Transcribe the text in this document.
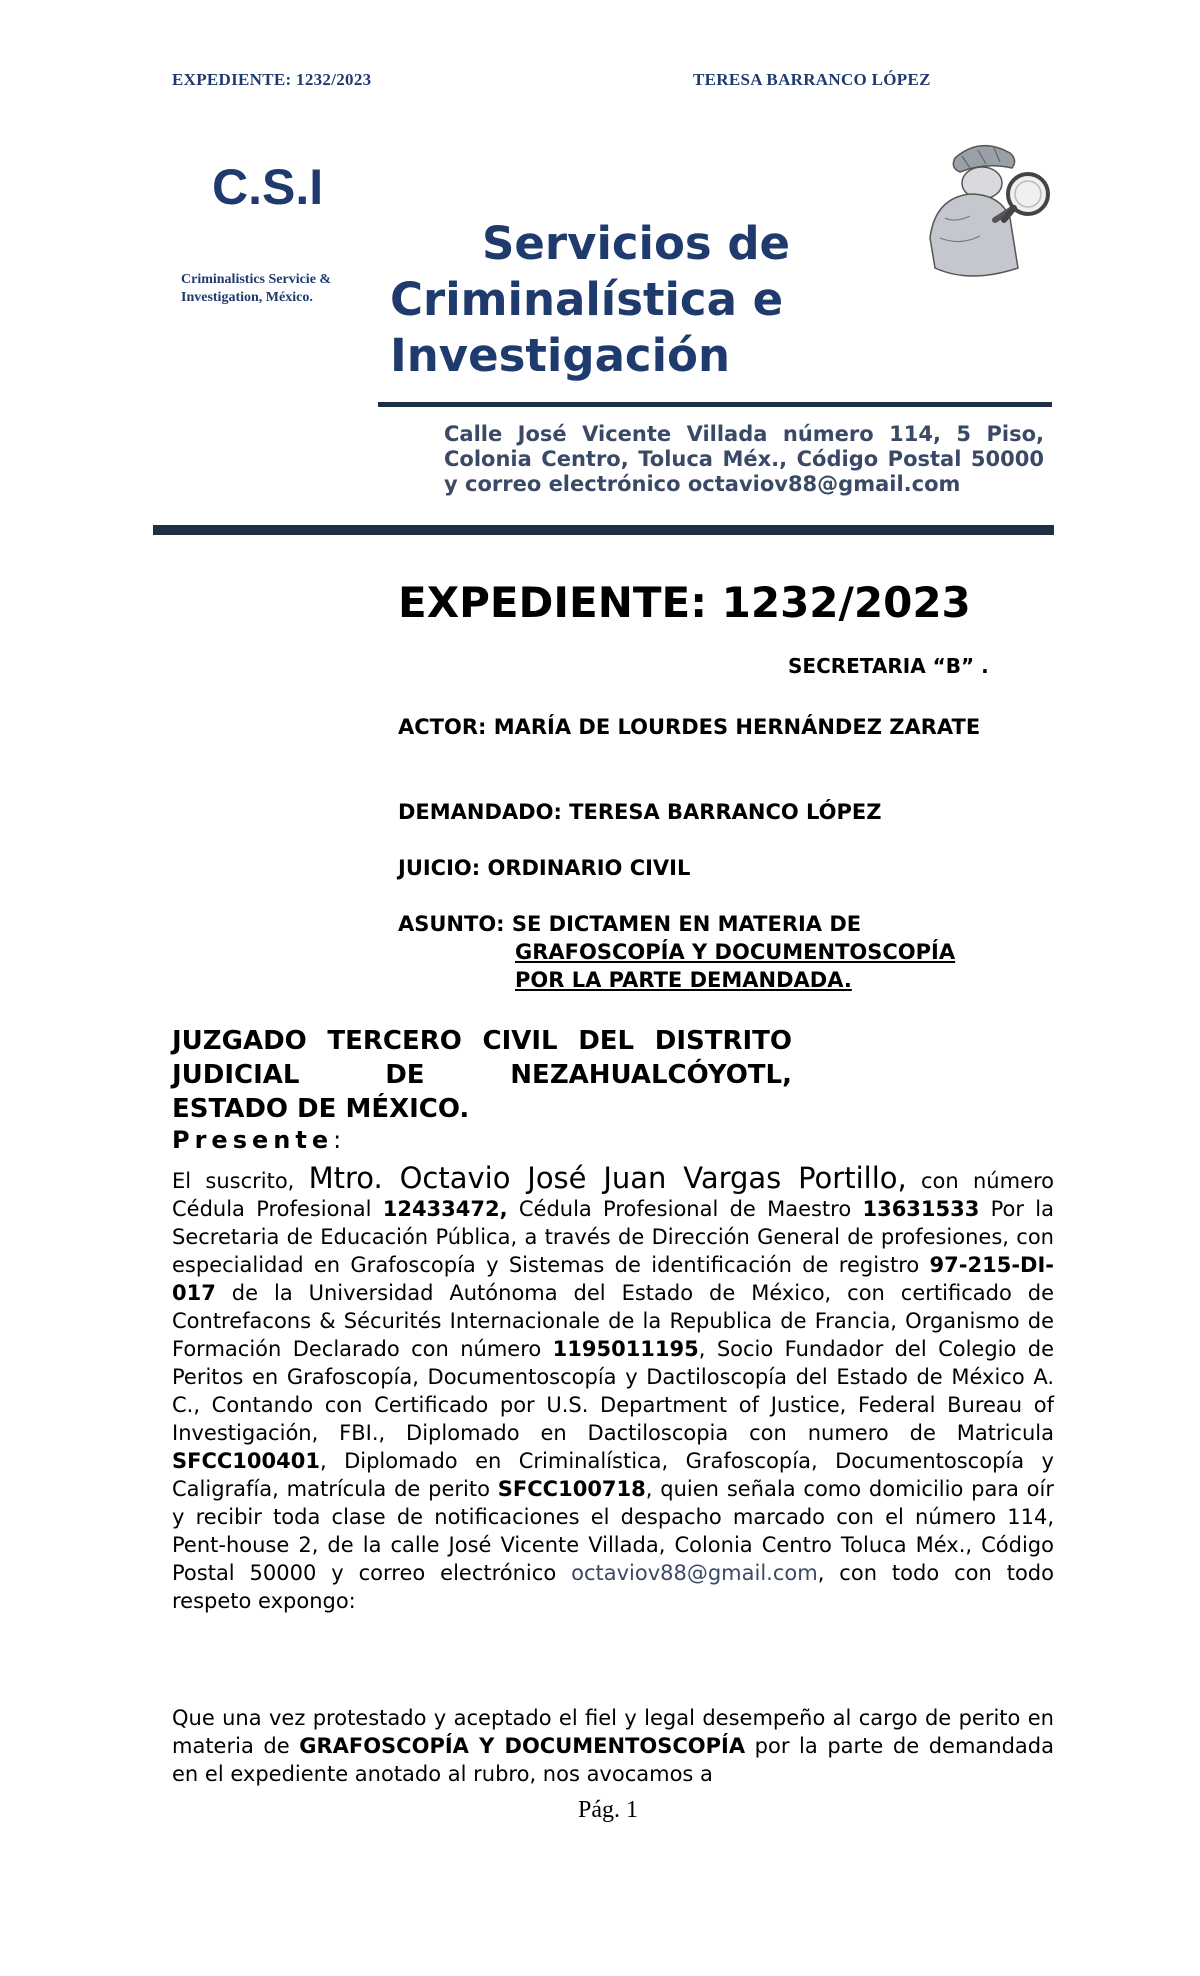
EXPEDIENTE: 1232/2023	TERESA BARRANCO LÓPEZ
C.S.I
Criminalistics Servicie & Investigation, México.
Servicios de
Criminalística e
Investigación
Calle José Vicente Villada número 114, 5 Piso, Colonia Centro, Toluca Méx., Código Postal 50000 y correo electrónico octaviov88@gmail.com
EXPEDIENTE: 1232/2023
SECRETARIA “B” .
ACTOR: MARÍA DE LOURDES HERNÁNDEZ ZARATE
DEMANDADO: TERESA BARRANCO LÓPEZ
JUICIO: ORDINARIO CIVIL
ASUNTO: SE DICTAMEN EN MATERIA DE
GRAFOSCOPÍA Y DOCUMENTOSCOPÍA
POR LA PARTE DEMANDADA.
JUZGADO TERCERO CIVIL DEL DISTRITO
JUDICIAL DE NEZAHUALCÓYOTL,
ESTADO DE MÉXICO.
Presente:
El suscrito, Mtro. Octavio José Juan Vargas Portillo, con número Cédula Profesional 12433472, Cédula Profesional de Maestro 13631533 Por la Secretaria de Educación Pública, a través de Dirección General de profesiones, con especialidad en Grafoscopía y Sistemas de identificación de registro 97-215-DI-017 de la Universidad Autónoma del Estado de México, con certificado de Contrefacons & Sécurités Internacionale de la Republica de Francia, Organismo de Formación Declarado con número 1195011195, Socio Fundador del Colegio de Peritos en Grafoscopía, Documentoscopía y Dactiloscopía del Estado de México A. C., Contando con Certificado por U.S. Department of Justice, Federal Bureau of Investigación, FBI., Diplomado en Dactiloscopia con numero de Matricula SFCC100401, Diplomado en Criminalística, Grafoscopía, Documentoscopía y Caligrafía, matrícula de perito SFCC100718, quien señala como domicilio para oír y recibir toda clase de notificaciones el despacho marcado con el número 114, Pent-house 2, de la calle José Vicente Villada, Colonia Centro Toluca Méx., Código Postal 50000 y correo electrónico octaviov88@gmail.com, con todo con todo respeto expongo:
Que una vez protestado y aceptado el fiel y legal desempeño al cargo de perito en materia de GRAFOSCOPÍA Y DOCUMENTOSCOPÍA por la parte de demandada en el expediente anotado al rubro, nos avocamos a
Pág. 1
